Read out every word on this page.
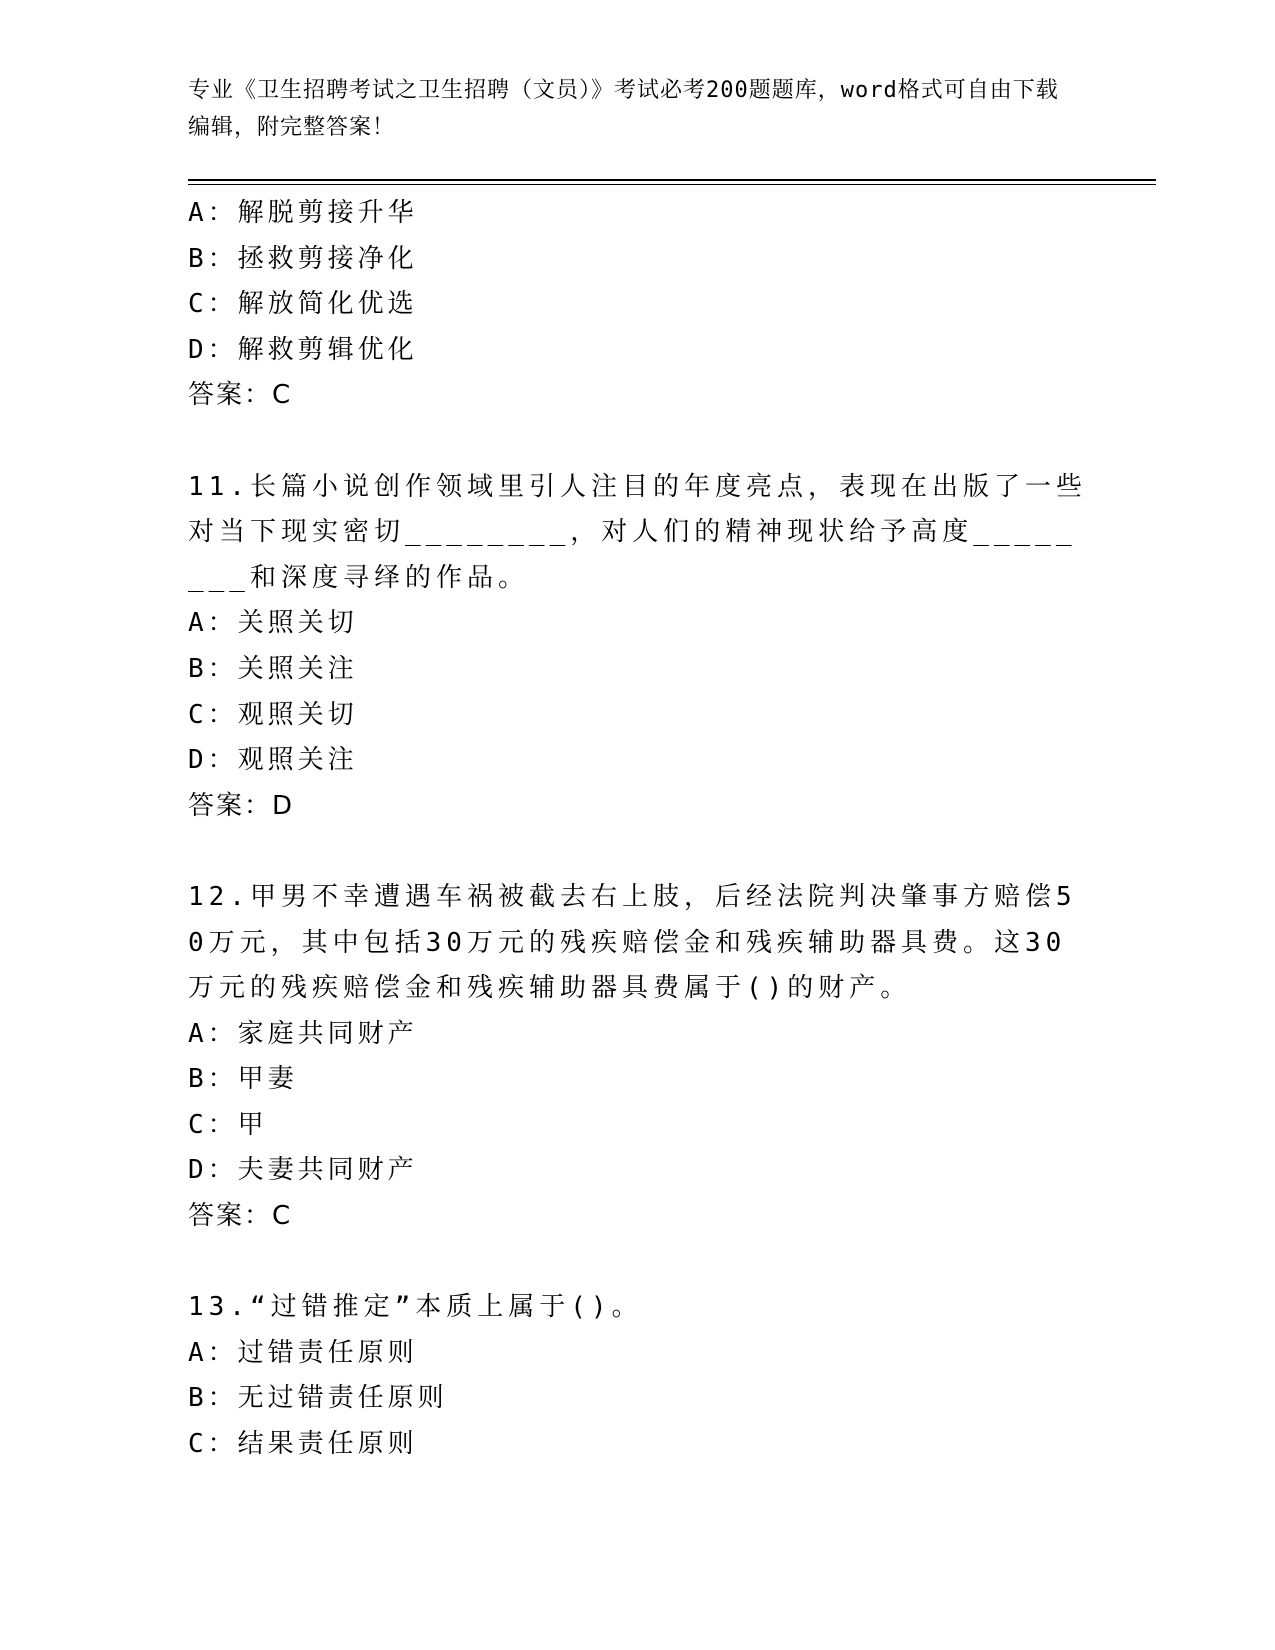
专业《卫生招聘考试之卫生招聘（文员）》考试必考200题题库，word格式可自由下载编辑，附完整答案！
A：解脱剪接升华
B：拯救剪接净化
C：解放简化优选
D：解救剪辑优化
答案：C
11.长篇小说创作领域里引人注目的年度亮点，表现在出版了一些对当下现实密切________，对人们的精神现状给予高度________和深度寻绎的作品。
A：关照关切
B：关照关注
C：观照关切
D：观照关注
答案：D
12.甲男不幸遭遇车祸被截去右上肢，后经法院判决肇事方赔偿50万元，其中包括30万元的残疾赔偿金和残疾辅助器具费。这30万元的残疾赔偿金和残疾辅助器具费属于()的财产。
A：家庭共同财产
B：甲妻
C：甲
D：夫妻共同财产
答案：C
13.“过错推定”本质上属于()。
A：过错责任原则
B：无过错责任原则
C：结果责任原则
